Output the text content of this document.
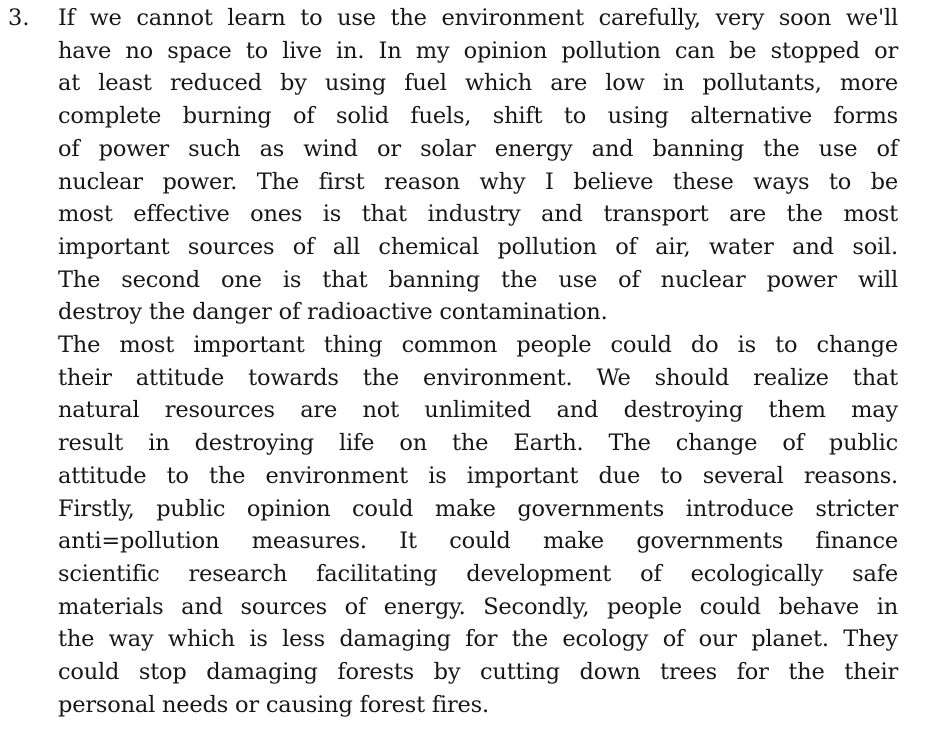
3. If we cannot learn to use the environment carefully, very soon we'll
have no space to live in. In my opinion pollution can be stopped or
at least reduced by using fuel which are low in pollutants, more
complete burning of solid fuels, shift to using alternative forms
of power such as wind or solar energy and banning the use of
nuclear power. The first reason why I believe these ways to be
most effective ones is that industry and transport are the most
important sources of all chemical pollution of air, water and soil.
The second one is that banning the use of nuclear power will
destroy the danger of radioactive contamination.
The most important thing common people could do is to change
their attitude towards the environment. We should realize that
natural resources are not unlimited and destroying them may
result in destroying life on the Earth. The change of public
attitude to the environment is important due to several reasons.
Firstly, public opinion could make governments introduce stricter
anti=pollution measures. It could make governments finance
scientific research facilitating development of ecologically safe
materials and sources of energy. Secondly, people could behave in
the way which is less damaging for the ecology of our planet. They
could stop damaging forests by cutting down trees for the their
personal needs or causing forest fires.
